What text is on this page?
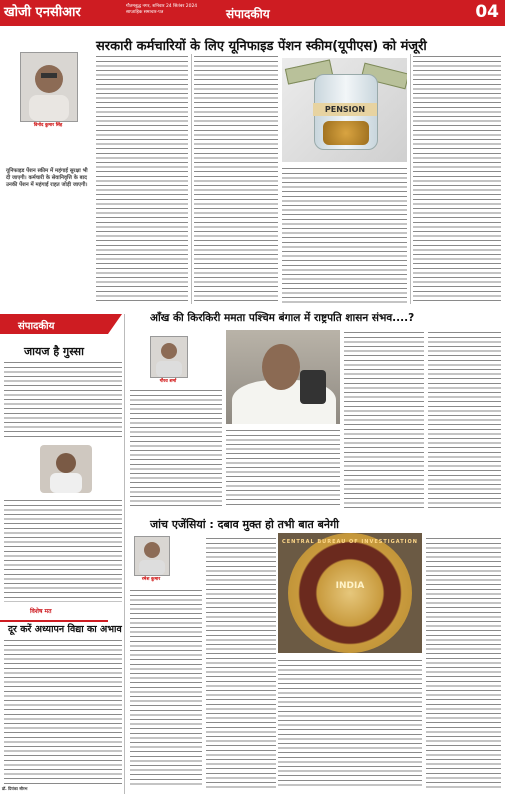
खोजी एनसीआर	गौतमबुद्ध नगर, शनिवार 24 सितंबर 2024
साप्ताहिक समाचार-पत्र	संपादकीय	04
सरकारी कर्मचारियों के लिए यूनिफाइड पेंशन स्कीम(यूपीएस) को मंजूरी
विनोद कुमार सिंह
यूनिफाइड पेंशन स्कीम में महंगाई सुरक्षा भी दी जाएगी। कर्मचारी के सेवानिवृत्ति के बाद उनकी पेंशन में महंगाई राहत जोड़ी जाएगी।
PENSION
संपादकीय
जायज है गुस्सा
आँख की किरकिरी ममता पश्चिम बंगाल में राष्ट्रपति शासन संभव....?
गौरव शर्मा
जांच एजेंसियां : दबाव मुक्त हो तभी बात बनेगी
रमेश कुमार
CENTRAL BUREAU OF INVESTIGATION
INDIA
विशेष मत
दूर करें अध्यापन विद्या का अभाव
डॉ. प्रियंका सौरभ
